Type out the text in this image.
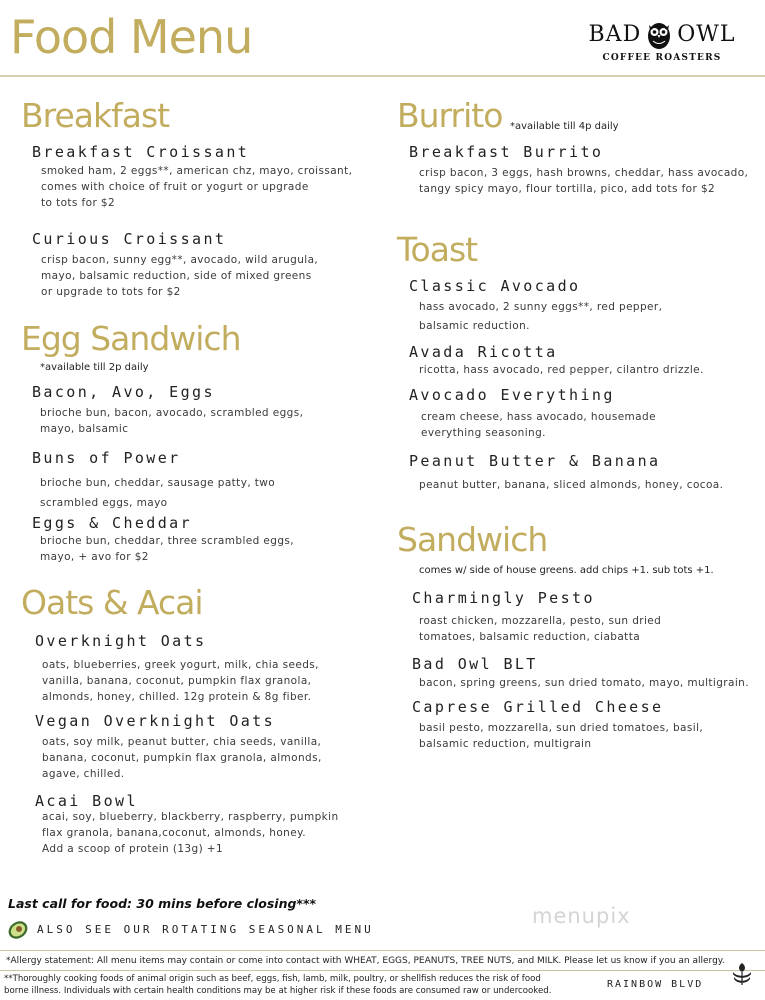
Food Menu	BAD OWL
COFFEE ROASTERS
Breakfast
Breakfast Croissant
smoked ham, 2 eggs**, american chz, mayo, croissant,
comes with choice of fruit or yogurt or upgrade
to tots for $2
Curious Croissant
crisp bacon, sunny egg**, avocado, wild arugula,
mayo, balsamic reduction, side of mixed greens
or upgrade to tots for $2
Egg Sandwich
*available till 2p daily
Bacon, Avo, Eggs
brioche bun, bacon, avocado, scrambled eggs,
mayo, balsamic
Buns of Power
brioche bun, cheddar, sausage patty, two
scrambled eggs, mayo
Eggs & Cheddar
brioche bun, cheddar, three scrambled eggs,
mayo, + avo for $2
Oats & Acai
Overknight Oats
oats, blueberries, greek yogurt, milk, chia seeds,
vanilla, banana, coconut, pumpkin flax granola,
almonds, honey, chilled. 12g protein & 8g fiber.
Vegan Overknight Oats
oats, soy milk, peanut butter, chia seeds, vanilla,
banana, coconut, pumpkin flax granola, almonds,
agave, chilled.
Acai Bowl
acai, soy, blueberry, blackberry, raspberry, pumpkin
flax granola, banana,coconut, almonds, honey.
Add a scoop of protein (13g) +1
Burrito *available till 4p daily
Breakfast Burrito
crisp bacon, 3 eggs, hash browns, cheddar, hass avocado,
tangy spicy mayo, flour tortilla, pico, add tots for $2
Toast
Classic Avocado
hass avocado, 2 sunny eggs**, red pepper,
balsamic reduction.
Avada Ricotta
ricotta, hass avocado, red pepper, cilantro drizzle.
Avocado Everything
cream cheese, hass avocado, housemade
everything seasoning.
Peanut Butter & Banana
peanut butter, banana, sliced almonds, honey, cocoa.
Sandwich
comes w/ side of house greens. add chips +1. sub tots +1.
Charmingly Pesto
roast chicken, mozzarella, pesto, sun dried
tomatoes, balsamic reduction, ciabatta
Bad Owl BLT
bacon, spring greens, sun dried tomato, mayo, multigrain.
Caprese Grilled Cheese
basil pesto, mozzarella, sun dried tomatoes, basil,
balsamic reduction, multigrain
menupix
Last call for food: 30 mins before closing***
ALSO SEE OUR ROTATING SEASONAL MENU
*Allergy statement: All menu items may contain or come into contact with WHEAT, EGGS, PEANUTS, TREE NUTS, and MILK. Please let us know if you an allergy.
**Thoroughly cooking foods of animal origin such as beef, eggs, fish, lamb, milk, poultry, or shellfish reduces the risk of food
borne illness. Individuals with certain health conditions may be at higher risk if these foods are consumed raw or undercooked.
RAINBOW BLVD
